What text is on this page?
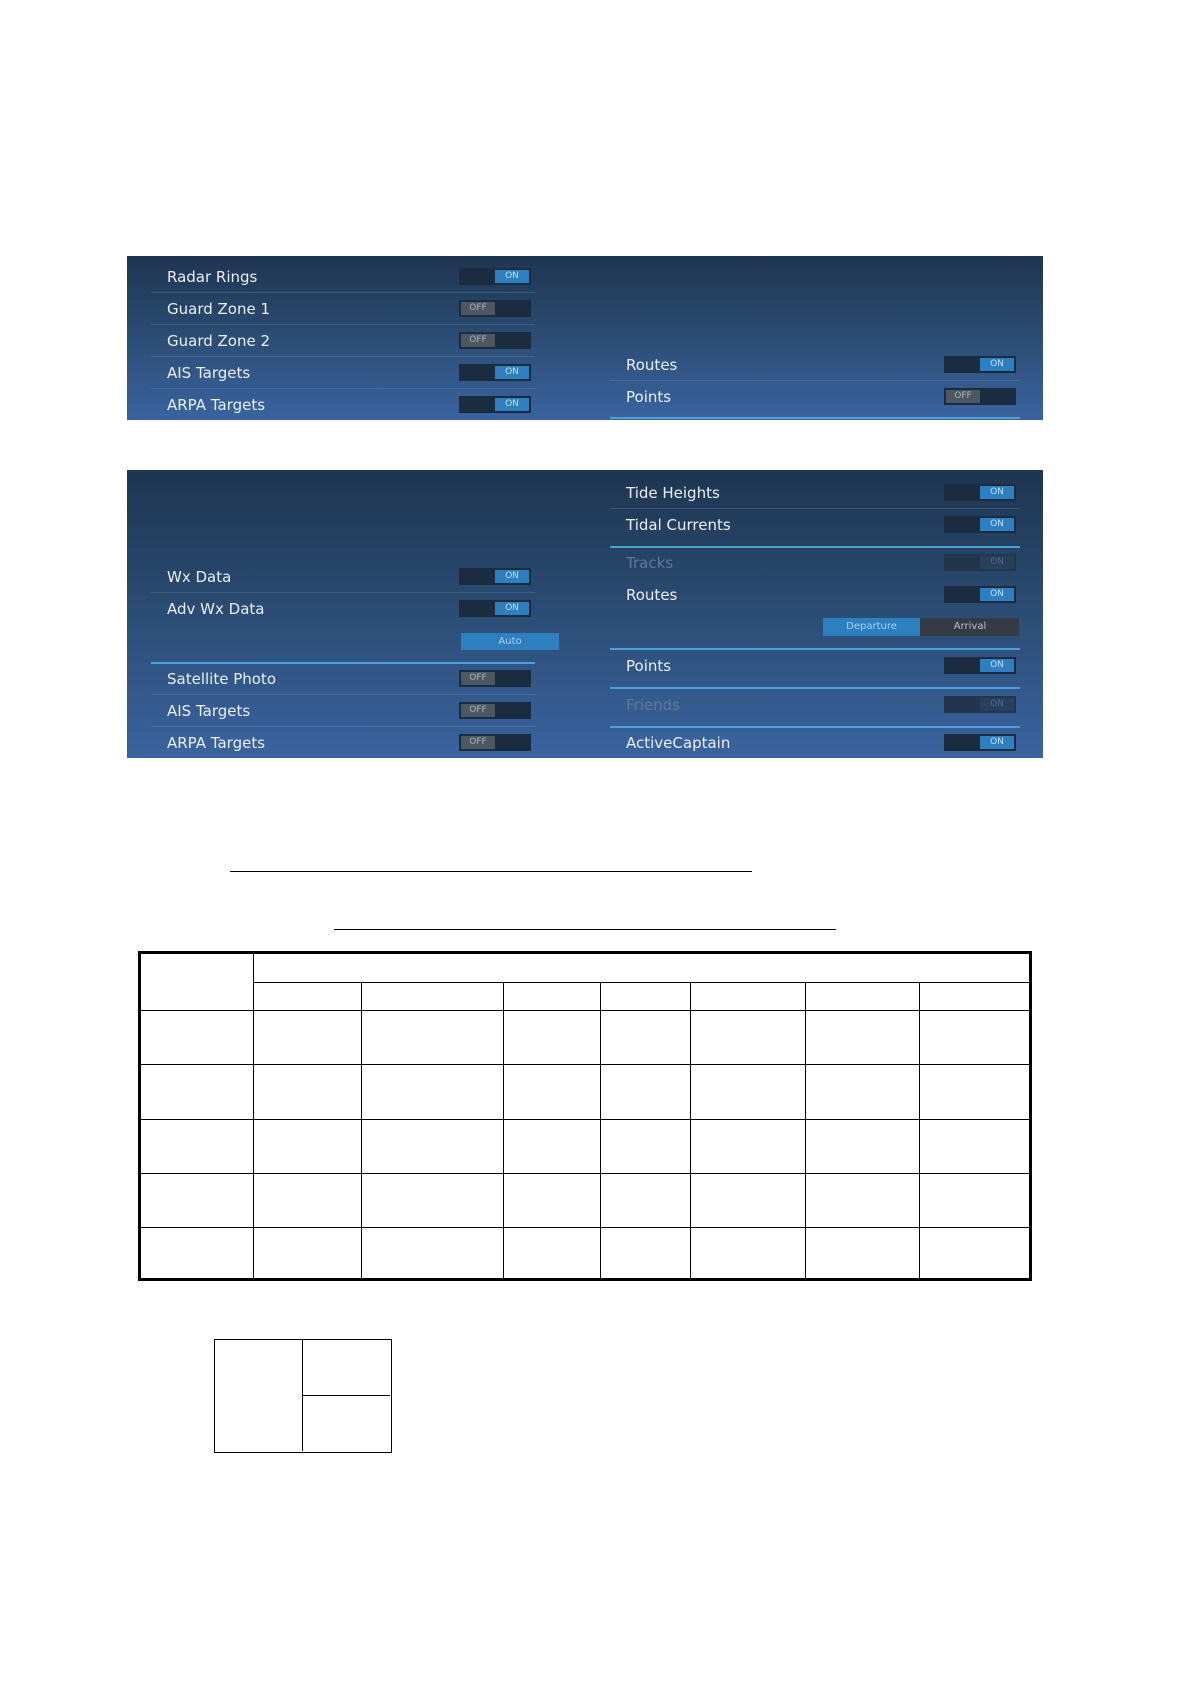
Radar Rings	ON
Guard Zone 1	OFF
Guard Zone 2	OFF
AIS Targets	ON
ARPA Targets	ON
Routes	ON
Points	OFF
Wx Data	ON
Adv Wx Data	ON
Auto
Satellite Photo	OFF
AIS Targets	OFF
ARPA Targets	OFF
Tide Heights	ON
Tidal Currents	ON
Tracks	ON
Routes	ON
Departure	Arrival
Points	ON
Friends	ON
ActiveCaptain	ON
